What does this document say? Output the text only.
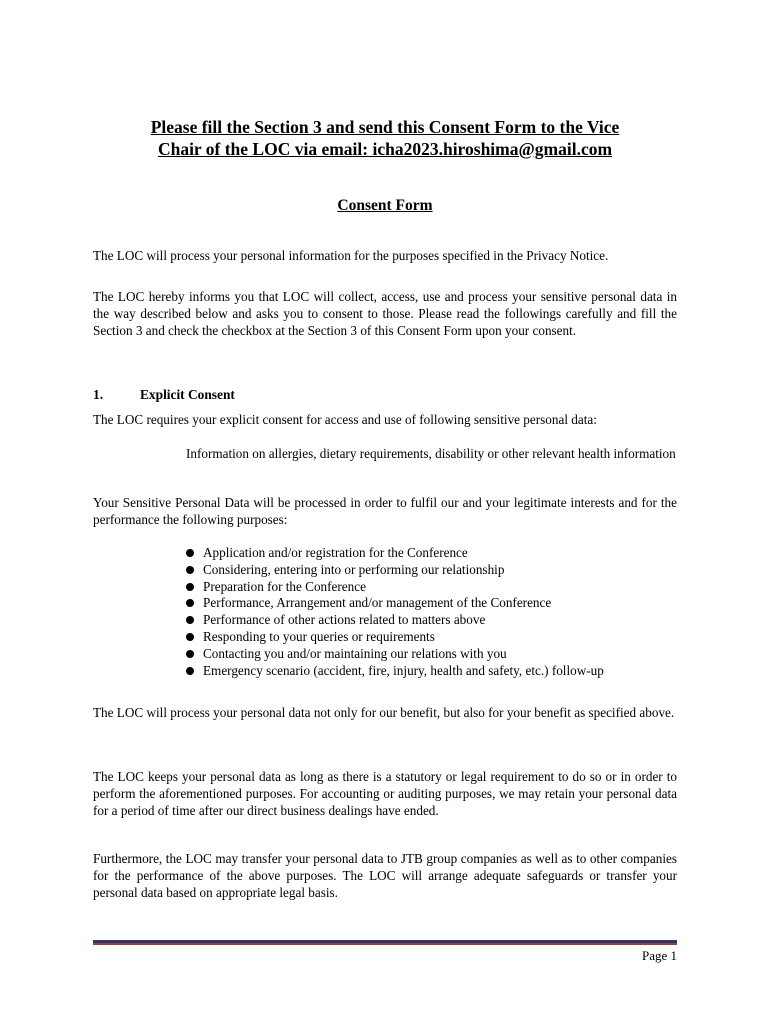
Please fill the Section 3 and send this Consent Form to the Vice
Chair of the LOC via email: icha2023.hiroshima@gmail.com
Consent Form

The LOC will process your personal information for the purposes specified in the Privacy Notice.

The LOC hereby informs you that LOC will collect, access, use and process your sensitive personal data in the way described below and asks you to consent to those. Please read the followings carefully and fill the Section 3 and check the checkbox at the Section 3 of this Consent Form upon your consent.

1.	Explicit Consent

The LOC requires your explicit consent for access and use of following sensitive personal data:

Information on allergies, dietary requirements, disability or other relevant health information

Your Sensitive Personal Data will be processed in order to fulfil our and your legitimate interests and for the performance the following purposes:

Application and/or registration for the Conference
Considering, entering into or performing our relationship
Preparation for the Conference
Performance, Arrangement and/or management of the Conference
Performance of other actions related to matters above
Responding to your queries or requirements
Contacting you and/or maintaining our relations with you
Emergency scenario (accident, fire, injury, health and safety, etc.) follow-up

The LOC will process your personal data not only for our benefit, but also for your benefit as specified above.

The LOC keeps your personal data as long as there is a statutory or legal requirement to do so or in order to perform the aforementioned purposes. For accounting or auditing purposes, we may retain your personal data for a period of time after our direct business dealings have ended.

Furthermore, the LOC may transfer your personal data to JTB group companies as well as to other companies for the performance of the above purposes. The LOC will arrange adequate safeguards or transfer your personal data based on appropriate legal basis.

Page 1
